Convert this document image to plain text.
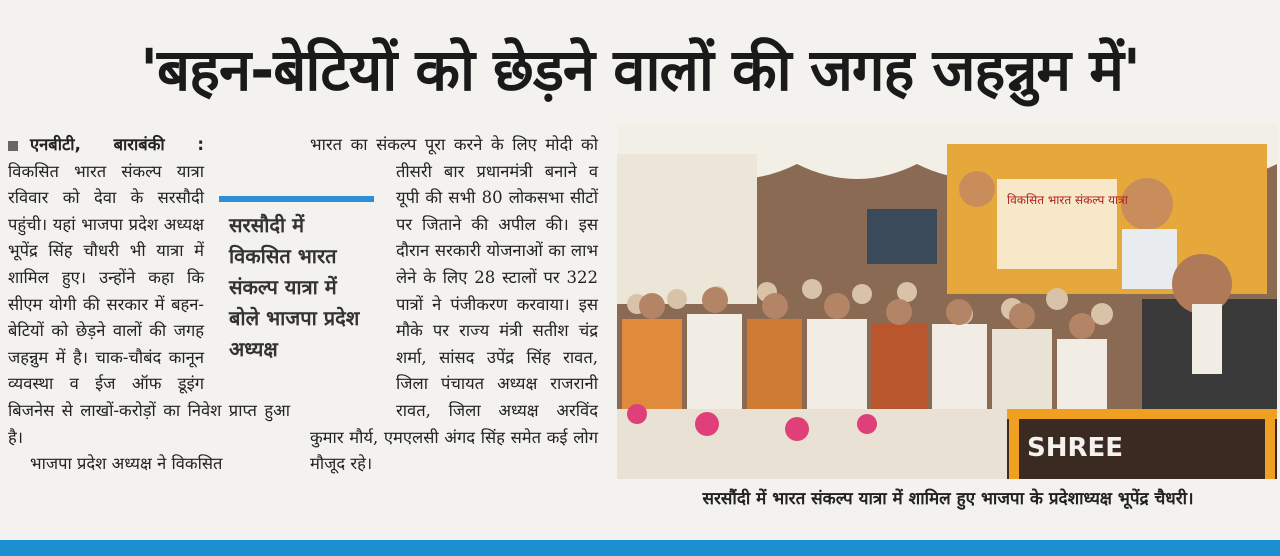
'बहन-बेटियों को छेड़ने वालों की जगह जहन्नुम में'

एनबीटी, बाराबंकी : विकसित भारत संकल्प यात्रा रविवार को देवा के सरसौदी पहुंची। यहां भाजपा प्रदेश अध्यक्ष भूपेंद्र सिंह चौधरी भी यात्रा में शामिल हुए। उन्होंने कहा कि सीएम योगी की सरकार में बहन-बेटियों को छेड़ने वालों की जगह जहन्नुम में है। चाक-चौबंद कानून व्यवस्था व ईज ऑफ डूइंग बिजनेस से लाखों-करोड़ों का निवेश प्राप्त हुआ है।

भाजपा प्रदेश अध्यक्ष ने विकसित

भारत का संकल्प पूरा करने के लिए मोदी को तीसरी बार प्रधानमंत्री बनाने व यूपी की सभी 80 लोकसभा सीटों पर जिताने की अपील की। इस दौरान सरकारी योजनाओं का लाभ लेने के लिए 28 स्टालों पर 322 पात्रों ने पंजीकरण करवाया। इस मौके पर राज्य मंत्री सतीश चंद्र शर्मा, सांसद उपेंद्र सिंह रावत, जिला पंचायत अध्यक्ष राजरानी रावत, जिला अध्यक्ष अरविंद कुमार मौर्य, एमएलसी अंगद सिंह समेत कई लोग मौजूद रहे।

सरसौदी में विकसित भारत संकल्प यात्रा में बोले भाजपा प्रदेश अध्यक्ष
विकसित भारत संकल्प यात्रा
SHREE
सरसौंदी में भारत संकल्प यात्रा में शामिल हुए भाजपा के प्रदेशाध्यक्ष भूपेंद्र चैधरी।
